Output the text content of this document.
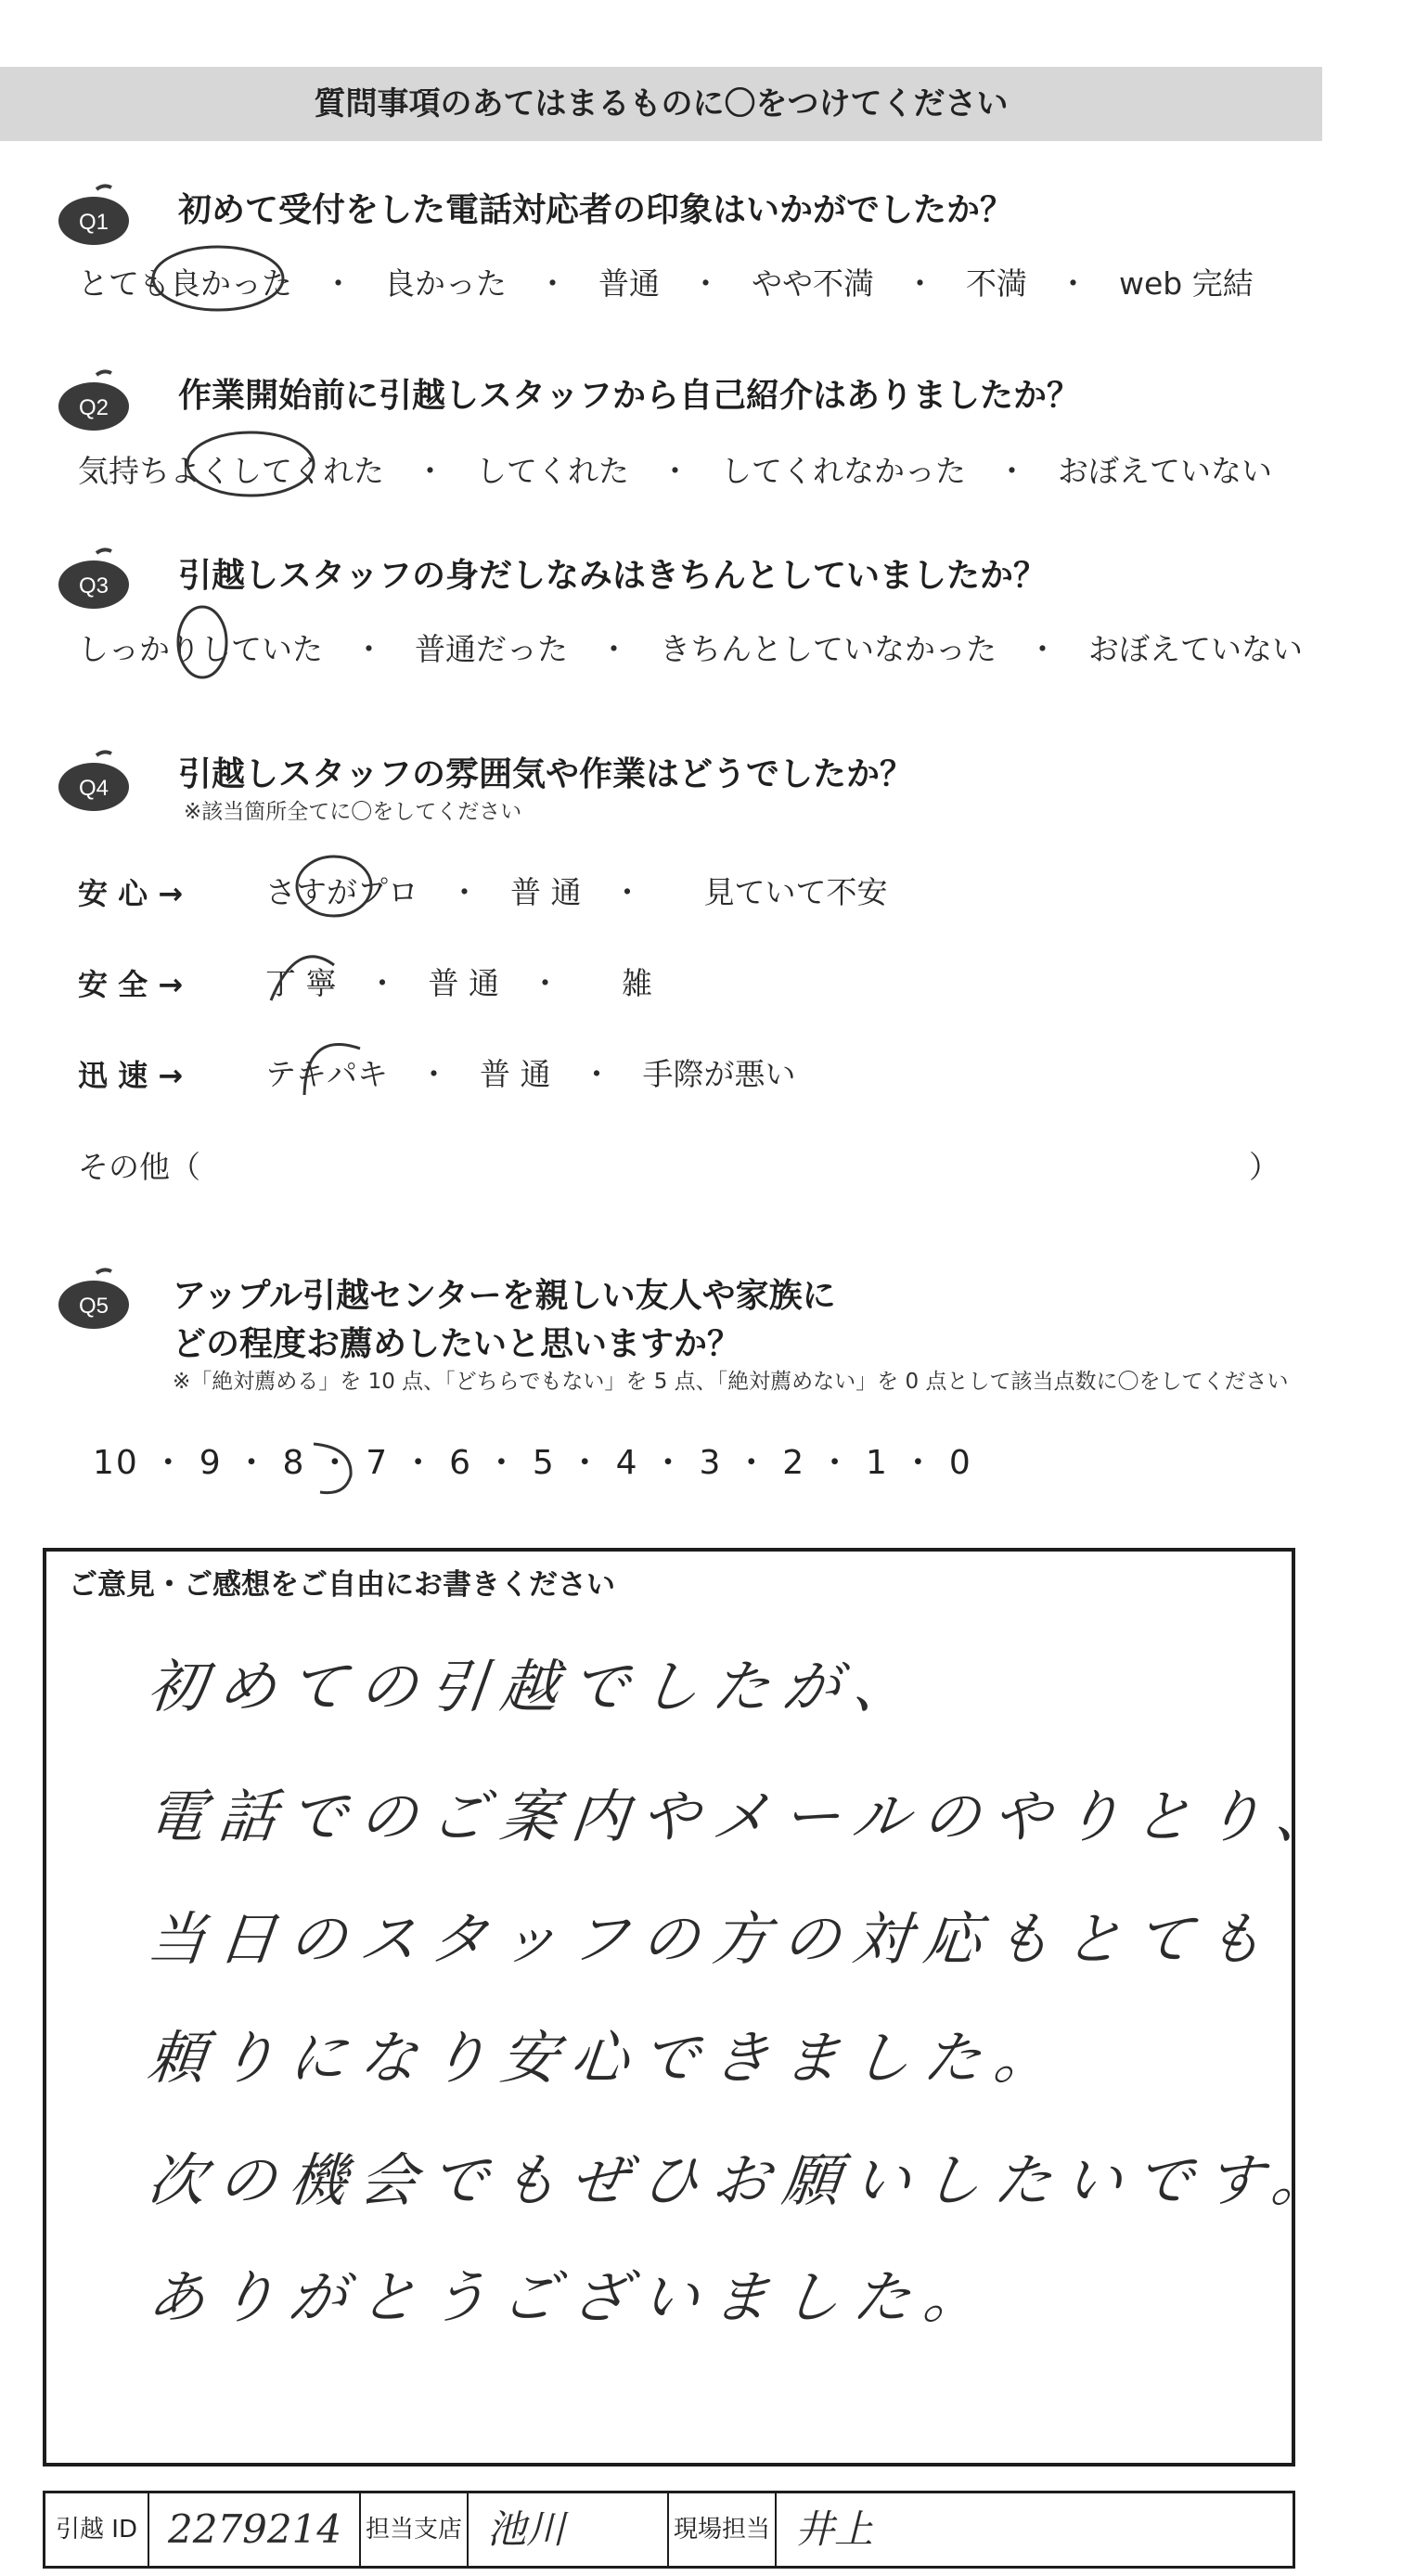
質問事項のあてはまるものに〇をつけてください
Q1 初めて受付をした電話対応者の印象はいかがでしたか？
とても良かった　・　良かった　・　普通　・　やや不満　・　不満　・　web 完結
Q2 作業開始前に引越しスタッフから自己紹介はありましたか？
気持ちよくしてくれた　・　してくれた　・　してくれなかった　・　おぼえていない
Q3 引越しスタッフの身だしなみはきちんとしていましたか？
しっかりしていた　・　普通だった　・　きちんとしていなかった　・　おぼえていない
Q4 引越しスタッフの雰囲気や作業はどうでしたか？
※該当箇所全てに〇をしてください
安 心 →	さすがプロ　・　普 通　・　　見ていて不安
安 全 →	丁 寧　・　普 通　・　　雑
迅 速 →	テキパキ　・　普 通　・　手際が悪い
その他（	）
Q5 アップル引越センターを親しい友人や家族に
どの程度お薦めしたいと思いますか？
※「絶対薦める」を 10 点、「どちらでもない」を 5 点、「絶対薦めない」を 0 点として該当点数に〇をしてください
10 ・ 9 ・ 8 ・ 7 ・ 6 ・ 5 ・ 4 ・ 3 ・ 2 ・ 1 ・ 0
ご意見・ご感想をご自由にお書きください
初めての引越でしたが、
電話でのご案内やメールのやりとり、
当日のスタッフの方の対応もとても
頼りになり安心できました。
次の機会でもぜひお願いしたいです。
ありがとうございました。
引越 ID 2279214 担当支店 池川	現場担当 井上
